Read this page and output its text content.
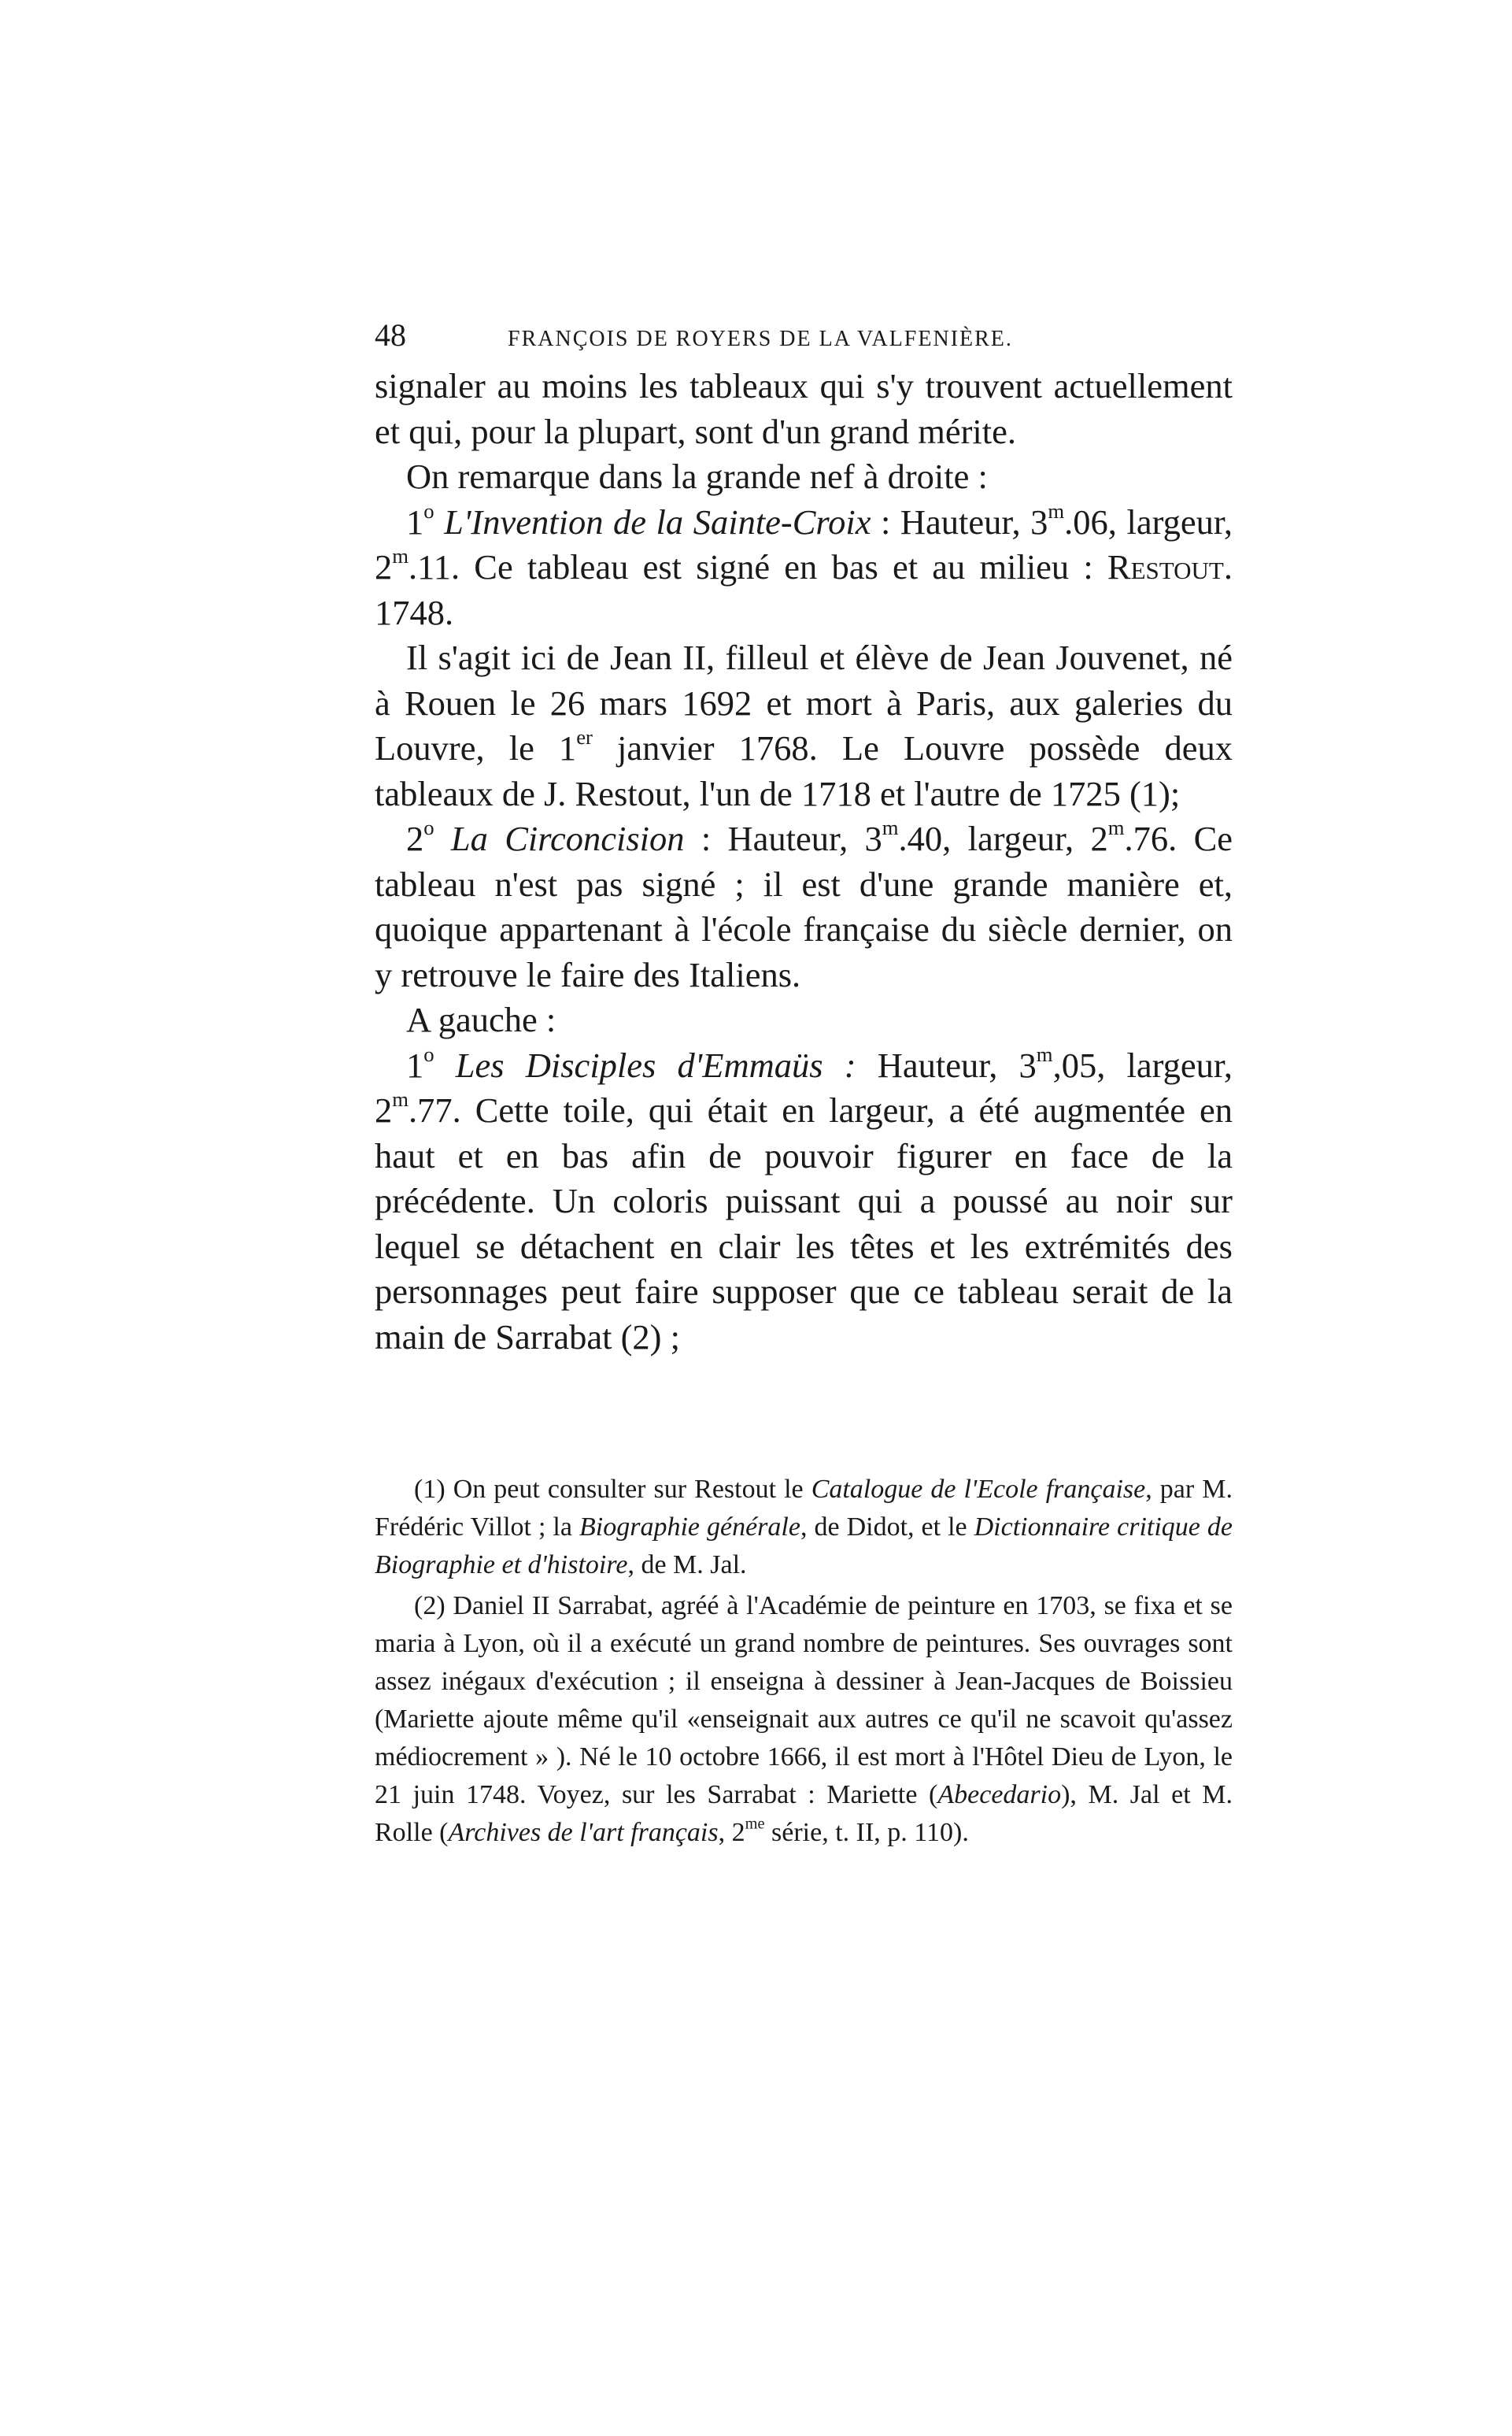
48	FRANÇOIS DE ROYERS DE LA VALFENIÈRE.

signaler au moins les tableaux qui s'y trouvent actuellement et qui, pour la plupart, sont d'un grand mérite.

On remarque dans la grande nef à droite :

1$^o$ L'Invention de la Sainte-Croix : Hauteur, 3$^m$.06, largeur, 2$^m$.11. Ce tableau est signé en bas et au milieu : Restout. 1748.

Il s'agit ici de Jean II, filleul et élève de Jean Jouvenet, né à Rouen le 26 mars 1692 et mort à Paris, aux galeries du Louvre, le 1er janvier 1768. Le Louvre possède deux tableaux de J. Restout, l'un de 1718 et l'autre de 1725 (1);

2$^o$ La Circoncision : Hauteur, 3$^m$.40, largeur, 2$^m$.76. Ce tableau n'est pas signé ; il est d'une grande manière et, quoique appartenant à l'école française du siècle dernier, on y retrouve le faire des Italiens.

A gauche :

1$^o$ Les Disciples d'Emmaüs : Hauteur, 3$^m$,05, largeur, 2$^m$.77. Cette toile, qui était en largeur, a été augmentée en haut et en bas afin de pouvoir figurer en face de la précédente. Un coloris puissant qui a poussé au noir sur lequel se détachent en clair les têtes et les extrémités des personnages peut faire supposer que ce tableau serait de la main de Sarrabat (2) ;

(1) On peut consulter sur Restout le Catalogue de l'Ecole française, par M. Frédéric Villot ; la Biographie générale, de Didot, et le Dictionnaire critique de Biographie et d'histoire, de M. Jal.

(2) Daniel II Sarrabat, agréé à l'Académie de peinture en 1703, se fixa et se maria à Lyon, où il a exécuté un grand nombre de peintures. Ses ouvrages sont assez inégaux d'exécution ; il enseigna à dessiner à Jean-Jacques de Boissieu (Mariette ajoute même qu'il «enseignait aux autres ce qu'il ne scavoit qu'assez médiocrement » ). Né le 10 octobre 1666, il est mort à l'Hôtel Dieu de Lyon, le 21 juin 1748. Voyez, sur les Sarrabat : Mariette (Abecedario), M. Jal et M. Rolle (Archives de l'art français, $2^{me}$ série, t. II, p. 110).
